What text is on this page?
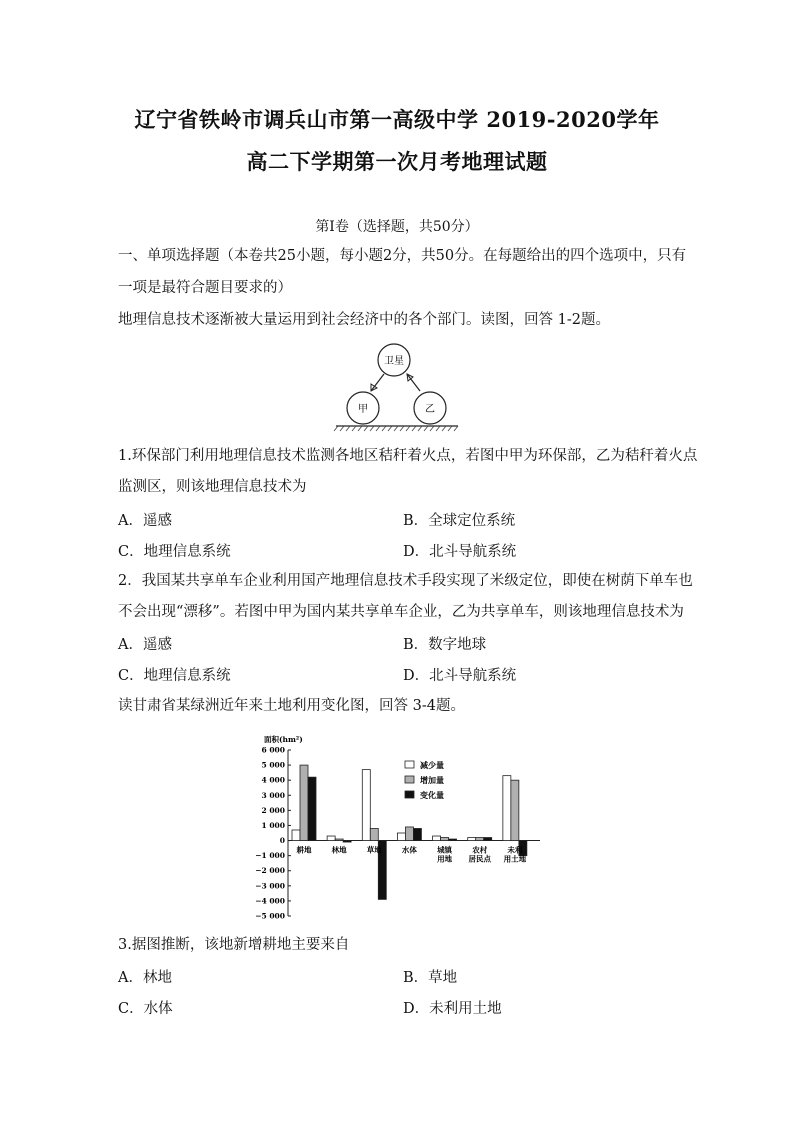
辽宁省铁岭市调兵山市第一高级中学 2019-2020学年
高二下学期第一次月考地理试题
第Ⅰ卷（选择题，共50分）
一、单项选择题（本卷共25小题，每小题2分，共50分。在每题给出的四个选项中，只有
一项是最符合题目要求的）
地理信息技术逐渐被大量运用到社会经济中的各个部门。读图，回答 1-2题。
卫星
甲	乙
1.环保部门利用地理信息技术监测各地区秸秆着火点，若图中甲为环保部，乙为秸秆着火点
监测区，则该地理信息技术为
A．遥感	B．全球定位系统
C．地理信息系统	D．北斗导航系统
2．我国某共享单车企业利用国产地理信息技术手段实现了米级定位，即使在树荫下单车也
不会出现“漂移”。若图中甲为国内某共享单车企业，乙为共享单车，则该地理信息技术为
A．遥感	B．数字地球
C．地理信息系统	D．北斗导航系统
读甘肃省某绿洲近年来土地利用变化图，回答 3-4题。
面积(hm²)
6 000
5 000
4 000
3 000
2 000
1 000
0
−1 000
−2 000
−3 000
−4 000
−5 000
耕地	林地	草地	水体	城镇
用地
农村
居民点
未利
用土地
减少量
增加量
变化量
3.据图推断，该地新增耕地主要来自
A．林地	B．草地
C．水体	D．未利用土地
